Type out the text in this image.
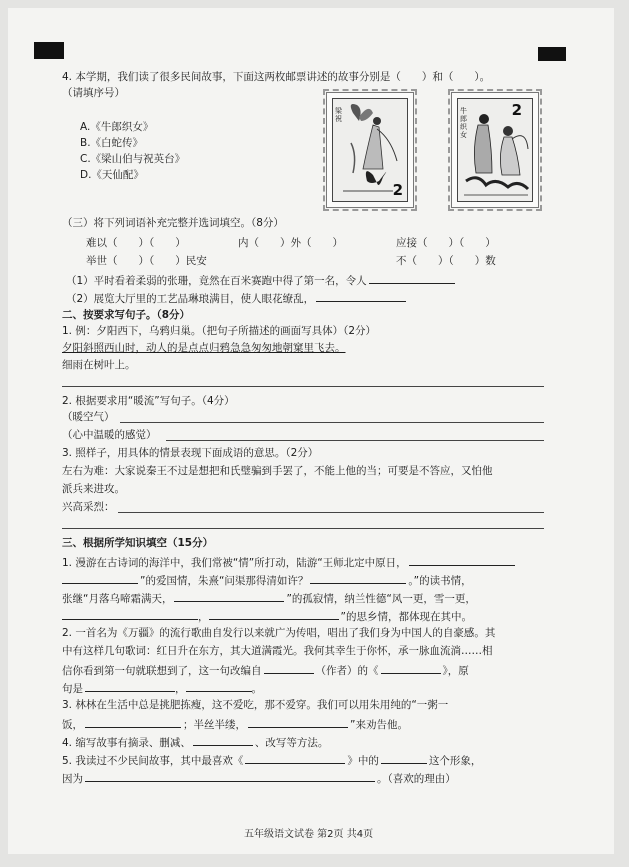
4. 本学期，我们读了很多民间故事，下面这两枚邮票讲述的故事分别是（　　）和（　　）。
（请填序号）
A.《牛郎织女》
B.《白蛇传》
C.《梁山伯与祝英台》
D.《天仙配》
梁祝
2
牛郎织女
2
（三）将下列词语补充完整并选词填空。（8分）
难以（　　）（　　）	内（　　）外（　　）	应接（　　）（　　）
举世（　　）（　　）民安	不（　　）（　　）数
（1）平时看着柔弱的张珊，竟然在百米赛跑中得了第一名，令人
（2）展览大厅里的工艺品琳琅满目，使人眼花缭乱，
二、按要求写句子。（8分）
1. 例：夕阳西下，乌鸦归巢。（把句子所描述的画面写具体）（2分）
夕阳斜照西山时，动人的是点点归鸦急急匆匆地朝窠里飞去。
细雨在树叶上。
2. 根据要求用“暖流”写句子。（4分）
（暖空气）
（心中温暖的感觉）
3. 照样子，用具体的情景表现下面成语的意思。（2分）
左右为难：大家说秦王不过是想把和氏璧骗到手罢了，不能上他的当；可要是不答应，又怕他
派兵来进攻。
兴高采烈：
三、根据所学知识填空（15分）
1. 漫游在古诗词的海洋中，我们常被“情”所打动，陆游“王师北定中原日，
”的爱国情，朱熹“问渠那得清如许？	。”的读书情，
张继“月落乌啼霜满天，	”的孤寂情，纳兰性德“风一更，雪一更，
，	”的思乡情，都体现在其中。
2. 一首名为《万疆》的流行歌曲自发行以来就广为传唱，唱出了我们身为中国人的自豪感。其
中有这样几句歌词：红日升在东方，其大道满霞光。我何其幸生于你怀，承一脉血流淌……相
信你看到第一句就联想到了，这一句改编自	（作者）的《	》，原
句是	，	。
3. 林林在生活中总是挑肥拣瘦，这不爱吃，那不爱穿。我们可以用朱用纯的“一粥一
饭，	；半丝半缕，	”来劝告他。
4. 缩写故事有摘录、删减、	、改写等方法。
5. 我读过不少民间故事，其中最喜欢《	》中的	这个形象，
因为	。（喜欢的理由）
五年级语文试卷 第2页 共4页
